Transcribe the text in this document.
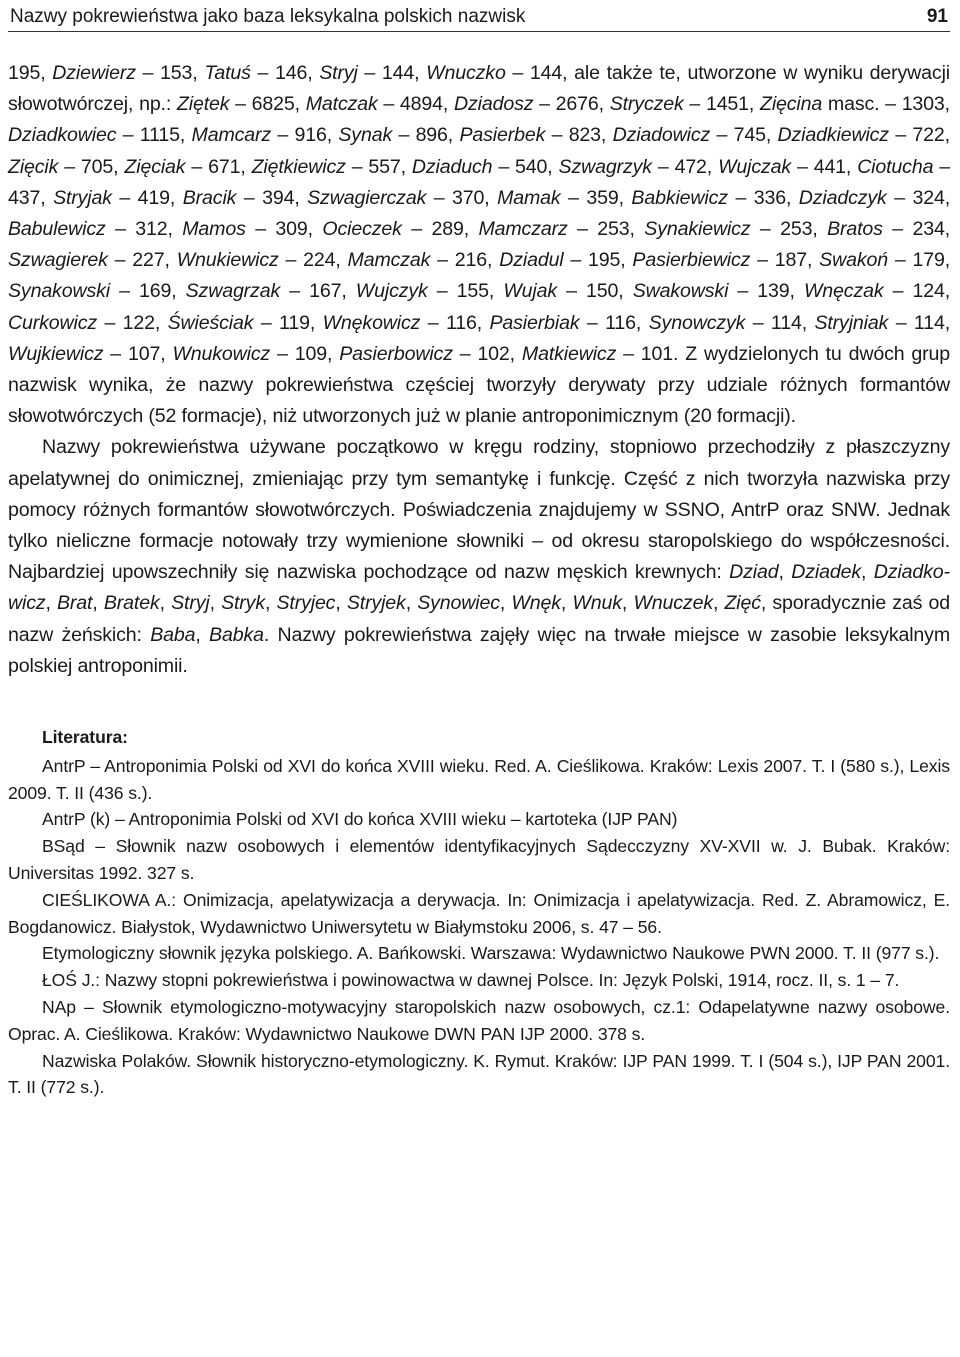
Nazwy pokrewieństwa jako baza leksykalna polskich nazwisk	91

195, Dziewierz – 153, Tatuś – 146, Stryj – 144, Wnuczko – 144, ale także te, utworzone w wyniku derywacji słowotwórczej, np.: Ziętek – 6825, Matczak – 4894, Dziadosz – 2676, Stryczek – 1451, Zięcina masc. – 1303, Dziadkowiec – 1115, Mamcarz – 916, Synak – 896, Pasierbek – 823, Dziadowicz – 745, Dziadkiewicz – 722, Zięcik – 705, Zięciak – 671, Ziętkiewicz – 557, Dziaduch – 540, Szwagrzyk – 472, Wujczak – 441, Ciotucha – 437, Stryjak – 419, Bracik – 394, Szwagierczak – 370, Mamak – 359, Babkiewicz – 336, Dziadczyk – 324, Babulewicz – 312, Mamos – 309, Ocieczek – 289, Mamczarz – 253, Synakiewicz – 253, Bratos – 234, Szwagierek – 227, Wnukiewicz – 224, Mamczak – 216, Dziadul – 195, Pasierbiewicz – 187, Swakoń – 179, Synakowski – 169, Szwagrzak – 167, Wujczyk – 155, Wujak – 150, Swakowski – 139, Wnęczak – 124, Curkowicz – 122, Świeściak – 119, Wnękowicz – 116, Pasierbiak – 116, Synowczyk – 114, Stryjniak – 114, Wujkiewicz – 107, Wnukowicz – 109, Pasierbowicz – 102, Matkiewicz – 101. Z wydzielonych tu dwóch grup nazwisk wynika, że nazwy pokrewieństwa częściej tworzyły derywaty przy udziale różnych formantów słowotwórczych (52 formacje), niż utworzonych już w planie antroponimicznym (20 formacji).

Nazwy pokrewieństwa używane początkowo w kręgu rodziny, stopniowo przechodziły z płaszczyzny apelatywnej do onimicznej, zmieniając przy tym semantykę i funkcję. Część z nich tworzyła nazwiska przy pomocy różnych formantów słowotwórczych. Poświadczenia znajdujemy w SSNO, AntrP oraz SNW. Jednak tylko nieliczne formacje notowały trzy wymienione słowniki – od okresu staropolskiego do współczesności. Najbardziej upowszechniły się nazwiska pochodzące od nazw męskich krewnych: Dziad, Dziadek, Dziadkowicz, Brat, Bratek, Stryj, Stryk, Stryjec, Stryjek, Synowiec, Wnęk, Wnuk, Wnuczek, Zięć, sporadycznie zaś od nazw żeńskich: Baba, Babka. Nazwy pokrewieństwa zajęły więc na trwałe miejsce w zasobie leksykalnym polskiej antroponimii.

Literatura:

AntrP – Antroponimia Polski od XVI do końca XVIII wieku. Red. A. Cieślikowa. Kraków: Lexis 2007. T. I (580 s.), Lexis 2009. T. II (436 s.).

AntrP (k) – Antroponimia Polski od XVI do końca XVIII wieku – kartoteka (IJP PAN)

BSąd – Słownik nazw osobowych i elementów identyfikacyjnych Sądecczyzny XV-XVII w. J. Bubak. Kraków: Universitas 1992. 327 s.

CIEŚLIKOWA A.: Onimizacja, apelatywizacja a derywacja. In: Onimizacja i apelatywizacja. Red. Z. Abramowicz, E. Bogdanowicz. Białystok, Wydawnictwo Uniwersytetu w Białymstoku 2006, s. 47 – 56.

Etymologiczny słownik języka polskiego. A. Bańkowski. Warszawa: Wydawnictwo Naukowe PWN 2000. T. II (977 s.).

ŁOŚ J.: Nazwy stopni pokrewieństwa i powinowactwa w dawnej Polsce. In: Język Polski, 1914, rocz. II, s. 1 – 7.

NAp – Słownik etymologiczno-motywacyjny staropolskich nazw osobowych, cz.1: Odapelatywne nazwy osobowe. Oprac. A. Cieślikowa. Kraków: Wydawnictwo Naukowe DWN PAN IJP 2000. 378 s.

Nazwiska Polaków. Słownik historyczno-etymologiczny. K. Rymut. Kraków: IJP PAN 1999. T. I (504 s.), IJP PAN 2001. T. II (772 s.).
